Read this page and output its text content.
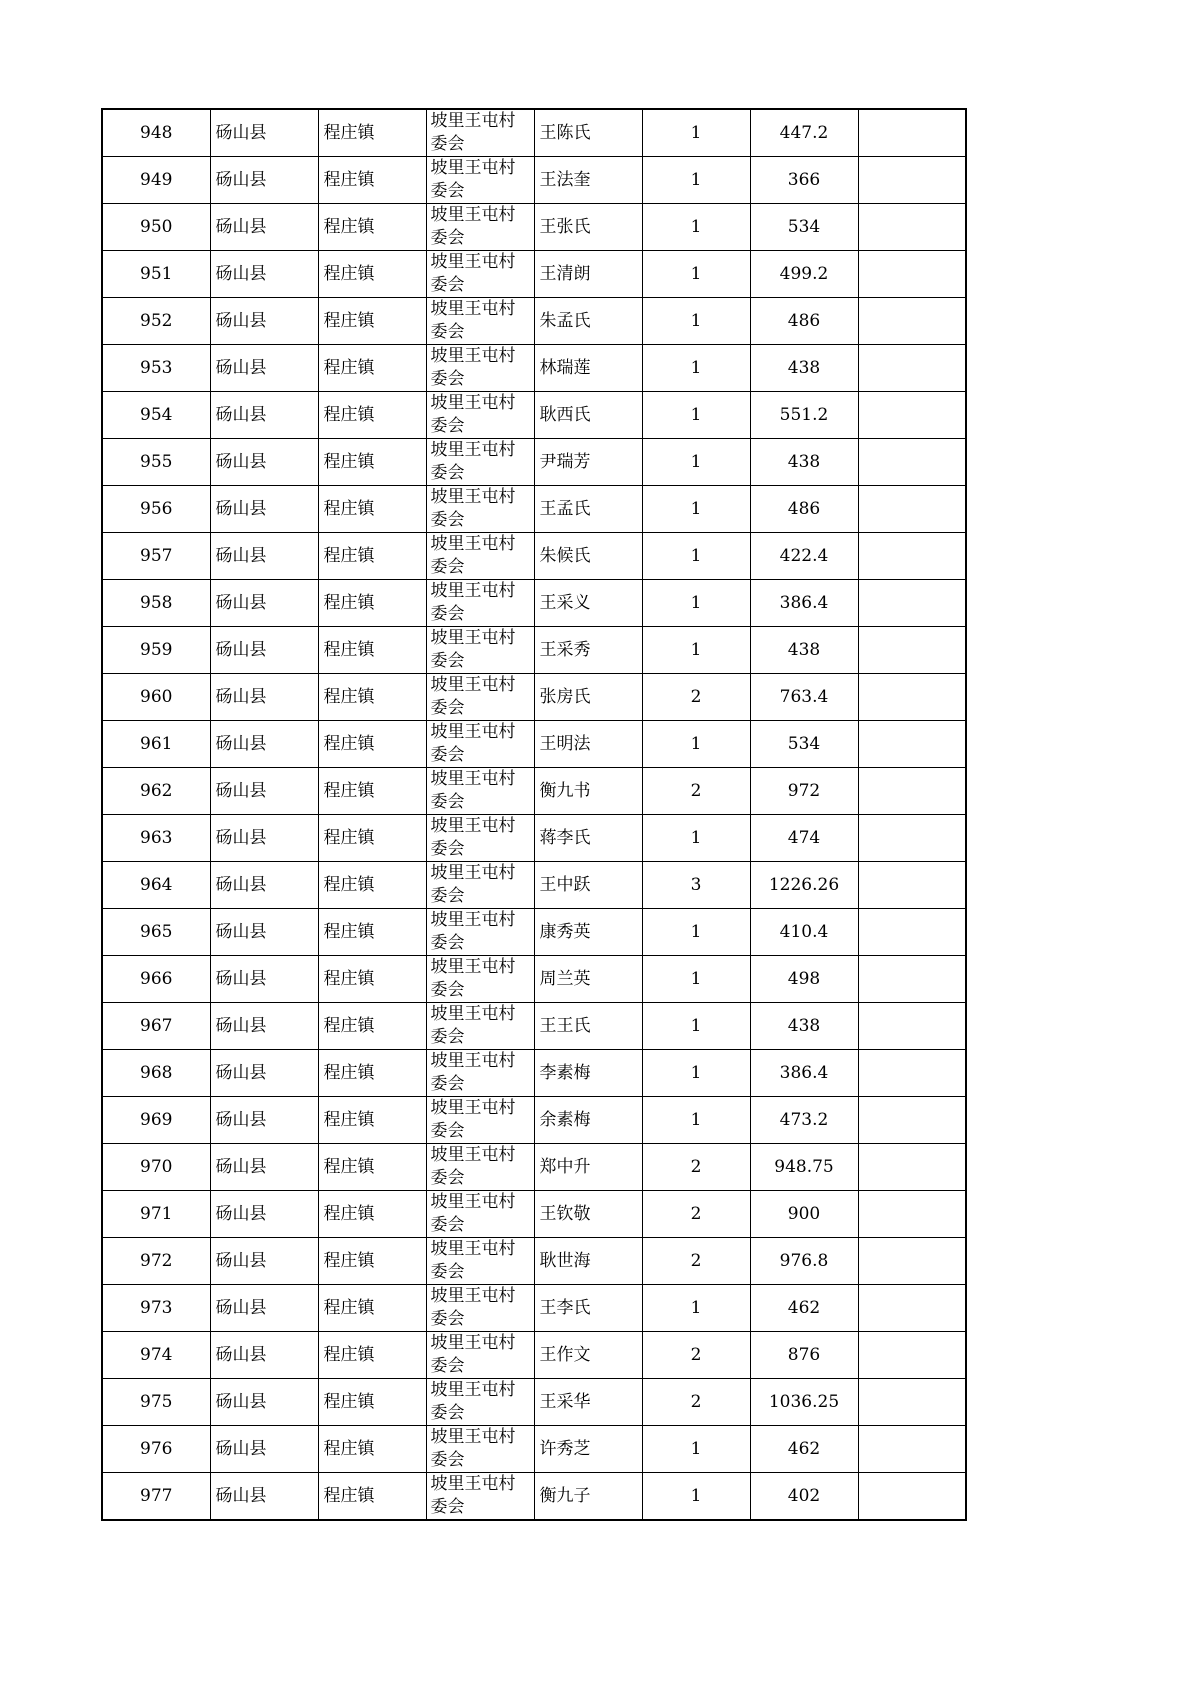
948	砀山县	程庄镇	坡里王屯村委会	王陈氏	1	447.2	
949	砀山县	程庄镇	坡里王屯村委会	王法奎	1	366	
950	砀山县	程庄镇	坡里王屯村委会	王张氏	1	534	
951	砀山县	程庄镇	坡里王屯村委会	王清朗	1	499.2	
952	砀山县	程庄镇	坡里王屯村委会	朱孟氏	1	486	
953	砀山县	程庄镇	坡里王屯村委会	林瑞莲	1	438	
954	砀山县	程庄镇	坡里王屯村委会	耿西氏	1	551.2	
955	砀山县	程庄镇	坡里王屯村委会	尹瑞芳	1	438	
956	砀山县	程庄镇	坡里王屯村委会	王孟氏	1	486	
957	砀山县	程庄镇	坡里王屯村委会	朱候氏	1	422.4	
958	砀山县	程庄镇	坡里王屯村委会	王采义	1	386.4	
959	砀山县	程庄镇	坡里王屯村委会	王采秀	1	438	
960	砀山县	程庄镇	坡里王屯村委会	张房氏	2	763.4	
961	砀山县	程庄镇	坡里王屯村委会	王明法	1	534	
962	砀山县	程庄镇	坡里王屯村委会	衡九书	2	972	
963	砀山县	程庄镇	坡里王屯村委会	蒋李氏	1	474	
964	砀山县	程庄镇	坡里王屯村委会	王中跃	3	1226.26	
965	砀山县	程庄镇	坡里王屯村委会	康秀英	1	410.4	
966	砀山县	程庄镇	坡里王屯村委会	周兰英	1	498	
967	砀山县	程庄镇	坡里王屯村委会	王王氏	1	438	
968	砀山县	程庄镇	坡里王屯村委会	李素梅	1	386.4	
969	砀山县	程庄镇	坡里王屯村委会	余素梅	1	473.2	
970	砀山县	程庄镇	坡里王屯村委会	郑中升	2	948.75	
971	砀山县	程庄镇	坡里王屯村委会	王钦敬	2	900	
972	砀山县	程庄镇	坡里王屯村委会	耿世海	2	976.8	
973	砀山县	程庄镇	坡里王屯村委会	王李氏	1	462	
974	砀山县	程庄镇	坡里王屯村委会	王作文	2	876	
975	砀山县	程庄镇	坡里王屯村委会	王采华	2	1036.25	
976	砀山县	程庄镇	坡里王屯村委会	许秀芝	1	462	
977	砀山县	程庄镇	坡里王屯村委会	衡九子	1	402	
